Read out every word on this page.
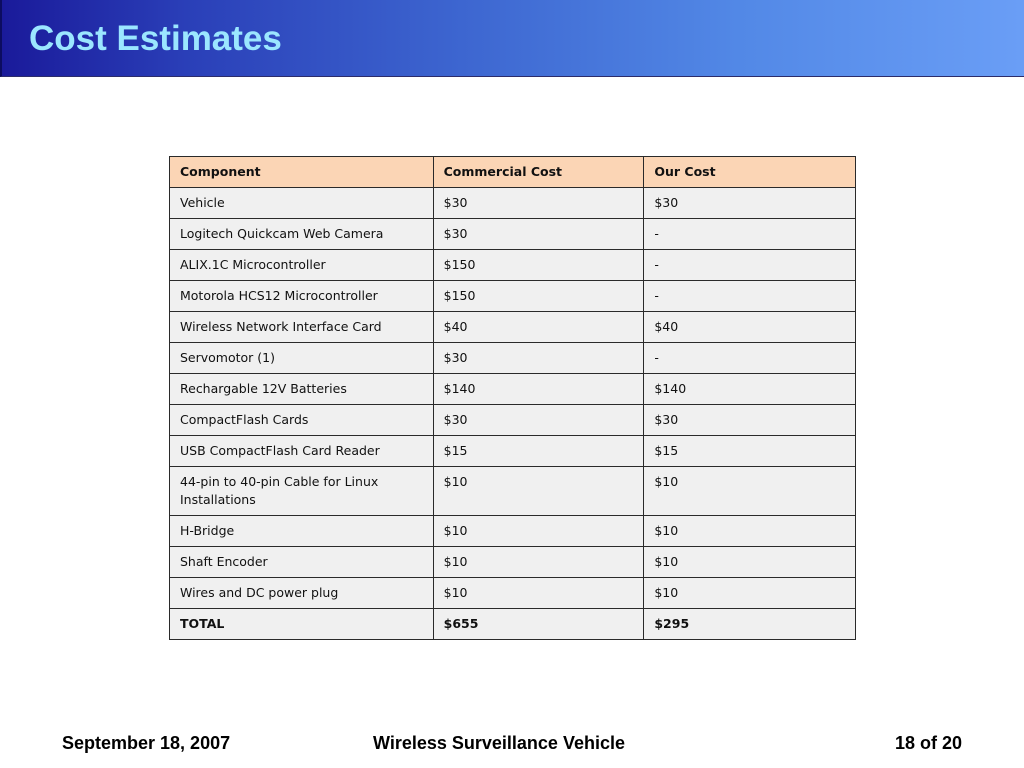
Cost Estimates
Component	Commercial Cost	Our Cost
Vehicle	$30	$30
Logitech Quickcam Web Camera	$30	-
ALIX.1C Microcontroller	$150	-
Motorola HCS12 Microcontroller	$150	-
Wireless Network Interface Card	$40	$40
Servomotor (1)	$30	-
Rechargable 12V Batteries	$140	$140
CompactFlash Cards	$30	$30
USB CompactFlash Card Reader	$15	$15
44-pin to 40-pin Cable for Linux Installations	$10	$10
H-Bridge	$10	$10
Shaft Encoder	$10	$10
Wires and DC power plug	$10	$10
TOTAL	$655	$295
September 18, 2007	Wireless Surveillance Vehicle	18 of 20
